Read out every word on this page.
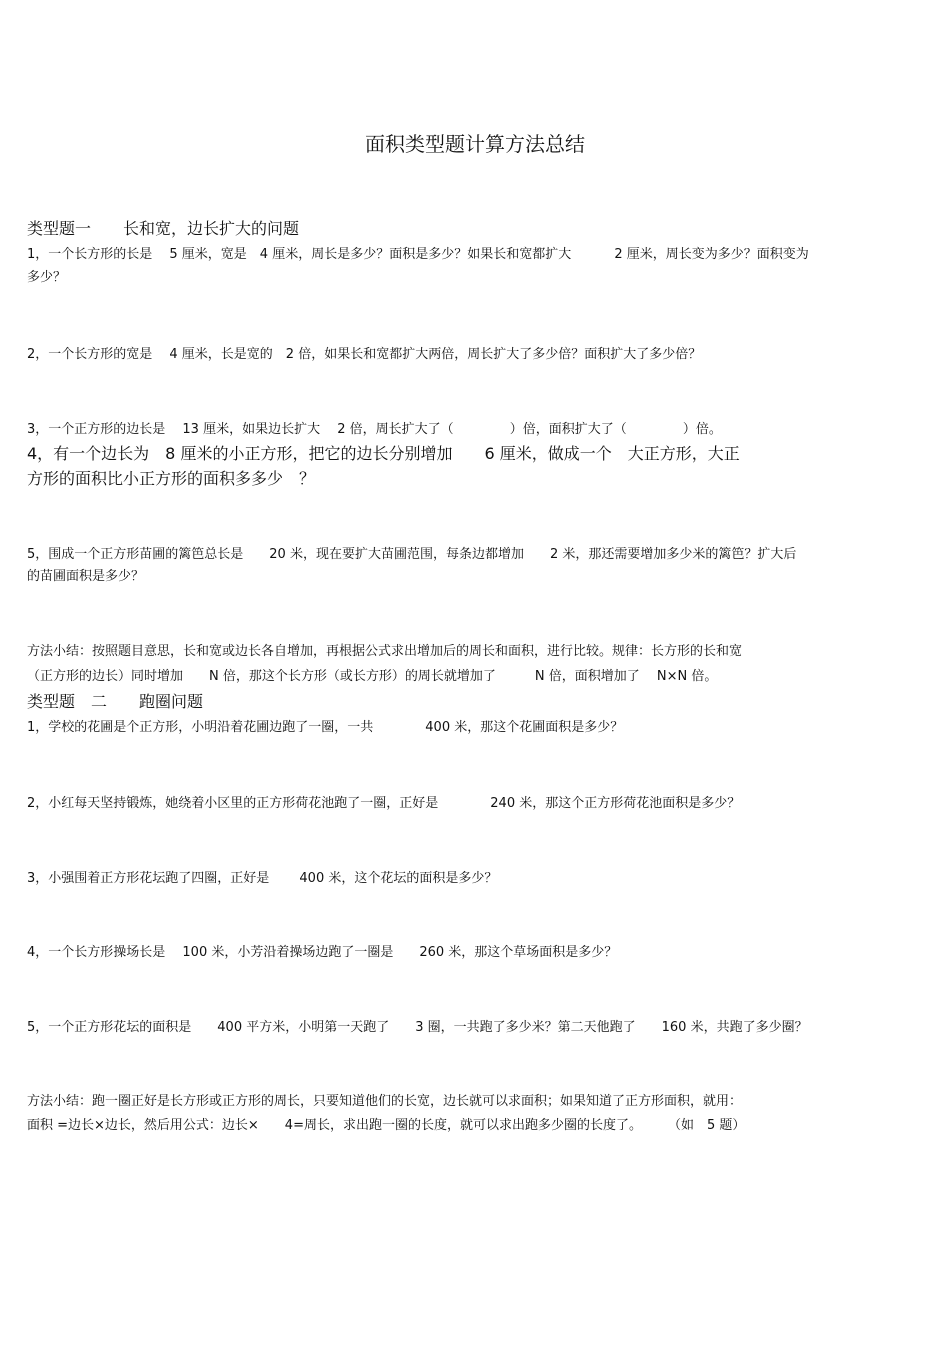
面积类型题计算方法总结
类型题一　　长和宽，边长扩大的问题
1，一个长方形的长是　 5 厘米，宽是　4 厘米，周长是多少？面积是多少？如果长和宽都扩大　　　 2 厘米，周长变为多少？面积变为
多少？
2，一个长方形的宽是　 4 厘米，长是宽的　2 倍，如果长和宽都扩大两倍，周长扩大了多少倍？面积扩大了多少倍？
3，一个正方形的边长是　 13 厘米，如果边长扩大　 2 倍，周长扩大了（　　　　 ）倍，面积扩大了（　　　　 ）倍。
4，有一个边长为　8 厘米的小正方形，把它的边长分别增加　　6 厘米，做成一个　大正方形，大正
方形的面积比小正方形的面积多多少　？
5，围成一个正方形苗圃的篱笆总长是　　20 米，现在要扩大苗圃范围，每条边都增加　　2 米，那还需要增加多少米的篱笆？扩大后
的苗圃面积是多少？
方法小结：按照题目意思，长和宽或边长各自增加，再根据公式求出增加后的周长和面积，进行比较。规律：长方形的长和宽
（正方形的边长）同时增加　　N 倍，那这个长方形（或长方形）的周长就增加了　　　N 倍，面积增加了　 N×N 倍。
类型题　二　　跑圈问题
1，学校的花圃是个正方形，小明沿着花圃边跑了一圈，一共　　　　400 米，那这个花圃面积是多少？
2，小红每天坚持锻炼，她绕着小区里的正方形荷花池跑了一圈，正好是　　　　240 米，那这个正方形荷花池面积是多少？
3，小强围着正方形花坛跑了四圈，正好是　　 400 米，这个花坛的面积是多少？
4，一个长方形操场长是　 100 米，小芳沿着操场边跑了一圈是　　260 米，那这个草场面积是多少？
5，一个正方形花坛的面积是　　400 平方米，小明第一天跑了　　3 圈，一共跑了多少米？第二天他跑了　　160 米，共跑了多少圈？
方法小结：跑一圈正好是长方形或正方形的周长，只要知道他们的长宽，边长就可以求面积；如果知道了正方形面积，就用：
面积 =边长×边长，然后用公式：边长×　　4=周长，求出跑一圈的长度，就可以求出跑多少圈的长度了。　　　（如　5 题）
